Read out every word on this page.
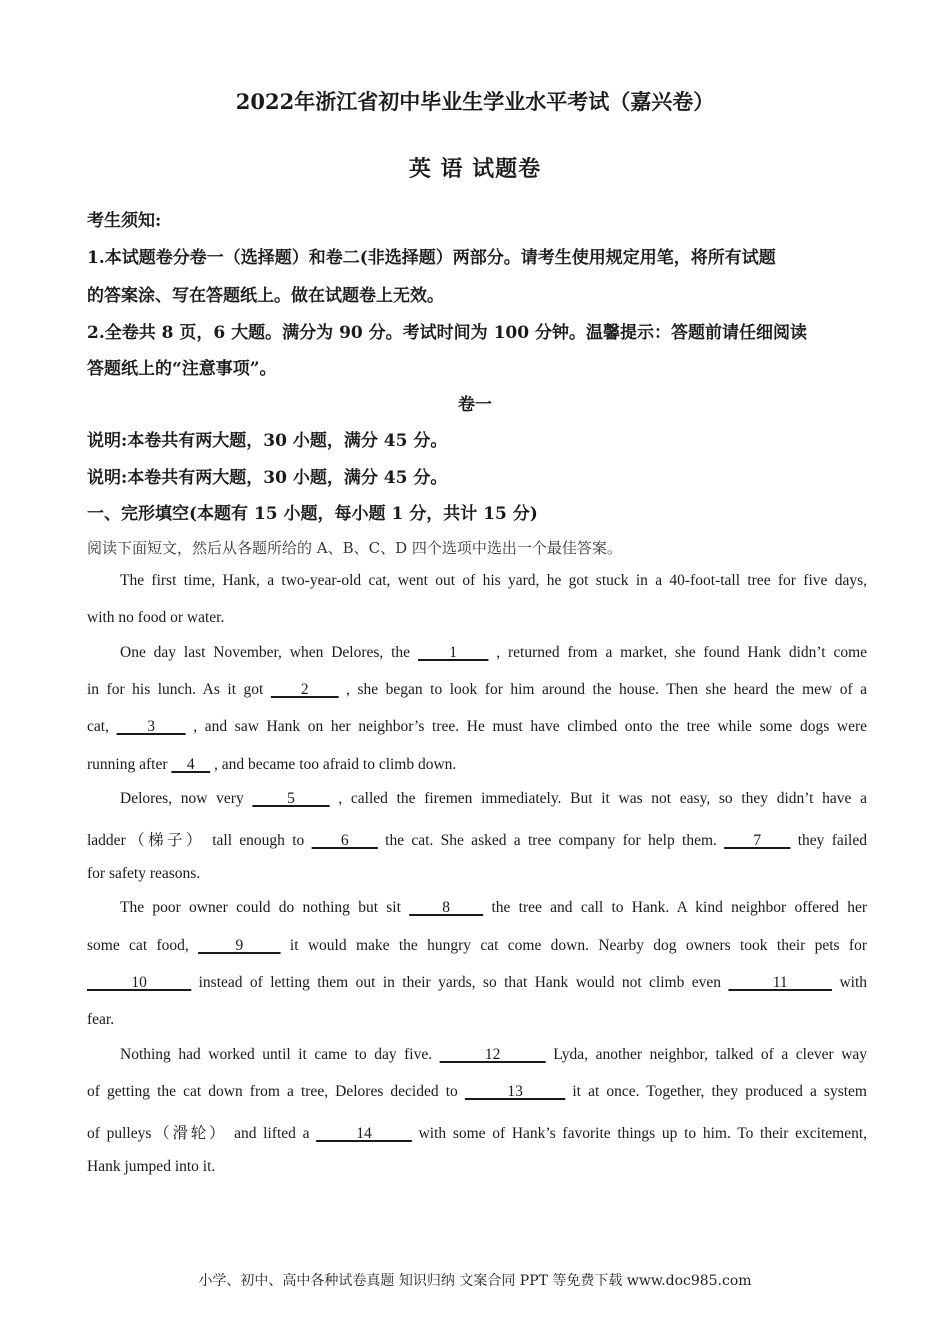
2022年浙江省初中毕业生学业水平考试（嘉兴卷）
英 语 试题卷
考生须知:
1.本试题卷分卷一（选择题）和卷二(非选择题）两部分。请考生使用规定用笔，将所有试题
的答案涂、写在答题纸上。做在试题卷上无效。
2.全卷共 8 页，6 大题。满分为 90 分。考试时间为 100 分钟。温馨提示：答题前请任细阅读
答题纸上的“注意事项”。
卷一
说明:本卷共有两大题，30 小题，满分 45 分。
说明:本卷共有两大题，30 小题，满分 45 分。
一、完形填空(本题有 15 小题，每小题 1 分，共计 15 分)
阅读下面短文，然后从各题所给的 A、B、C、D 四个选项中选出一个最佳答案。
The first time, Hank, a two-year-old cat, went out of his yard, he got stuck in a 40-foot-tall tree for five days,
with no food or water.
One day last November, when Delores, the     1     , returned from a market, she found Hank didn’t come
in for his lunch. As it got     2     , she began to look for him around the house. Then she heard the mew of a
cat,     3     , and saw Hank on her neighbor’s tree. He must have climbed onto the tree while some dogs were
running after     4     , and became too afraid to climb down.
Delores, now very     5     , called the firemen immediately. But it was not easy, so they didn’t have a
ladder（梯子） tall enough to     6     the cat. She asked a tree company for help them.     7     they failed
for safety reasons.
The poor owner could do nothing but sit     8     the tree and call to Hank. A kind neighbor offered her
some cat food,     9     it would make the hungry cat come down. Nearby dog owners took their pets for
10       instead of letting them out in their yards, so that Hank would not climb even       11       with
fear.
Nothing had worked until it came to day five.       12       Lyda, another neighbor, talked of a clever way
of getting the cat down from a tree, Delores decided to       13       it at once. Together, they produced a system
of pulleys（滑轮） and lifted a       14       with some of Hank’s favorite things up to him. To their excitement,
Hank jumped into it.
小学、初中、高中各种试卷真题 知识归纳 文案合同 PPT 等免费下载 www.doc985.com
